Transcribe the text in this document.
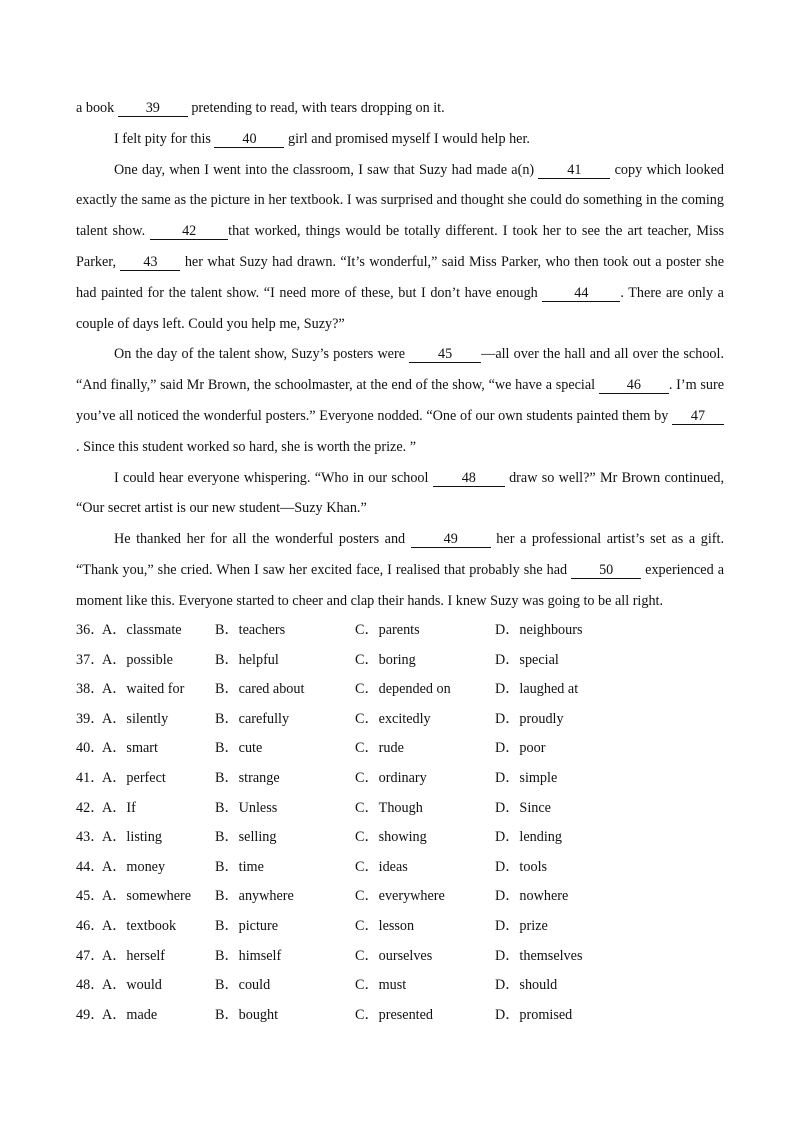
a book 39 pretending to read, with tears dropping on it.

I felt pity for this 40 girl and promised myself I would help her.

One day, when I went into the classroom, I saw that Suzy had made a(n) 41 copy which looked exactly the same as the picture in her textbook. I was surprised and thought she could do something in the coming talent show. 42 that worked, things would be totally different. I took her to see the art teacher, Miss Parker, 43 her what Suzy had drawn. “It’s wonderful,” said Miss Parker, who then took out a poster she had painted for the talent show. “I need more of these, but I don’t have enough 44 . There are only a couple of days left. Could you help me, Suzy?”

On the day of the talent show, Suzy’s posters were 45 —all over the hall and all over the school. “And finally,” said Mr Brown, the schoolmaster, at the end of the show, “we have a special 46 . I’m sure you’ve all noticed the wonderful posters.” Everyone nodded. “One of our own students painted them by 47. Since this student worked so hard, she is worth the prize. ”

I could hear everyone whispering. “Who in our school 48 draw so well?” Mr Brown continued, “Our secret artist is our new student—Suzy Khan.”

He thanked her for all the wonderful posters and 49 her a professional artist’s set as a gift. “Thank you,” she cried. When I saw her excited face, I realised that probably she had 50 experienced a moment like this. Everyone started to cheer and clap their hands. I knew Suzy was going to be all right.

36．
A．classmate B．teachers	C．parents	D．neighbours
37．
A．possible	B．helpful	C．boring	D．special
38．
A．waited for B．cared about	C．depended on	D．laughed at
39．
A．silently	B．carefully	C．excitedly	D．proudly
40．
A．smart	B．cute	C．rude	D．poor
41．
A．perfect	B．strange	C．ordinary	D．simple
42．
A．If	B．Unless	C．Though	D．Since
43．
A．listing	B．selling	C．showing	D．lending
44．
A．money	B．time	C．ideas	D．tools
45．
A．somewhere B．anywhere	C．everywhere	D．nowhere
46．
A．textbook	B．picture	C．lesson	D．prize
47．
A．herself	B．himself	C．ourselves	D．themselves
48．
A．would	B．could	C．must	D．should
49．
A．made	B．bought	C．presented	D．promised
